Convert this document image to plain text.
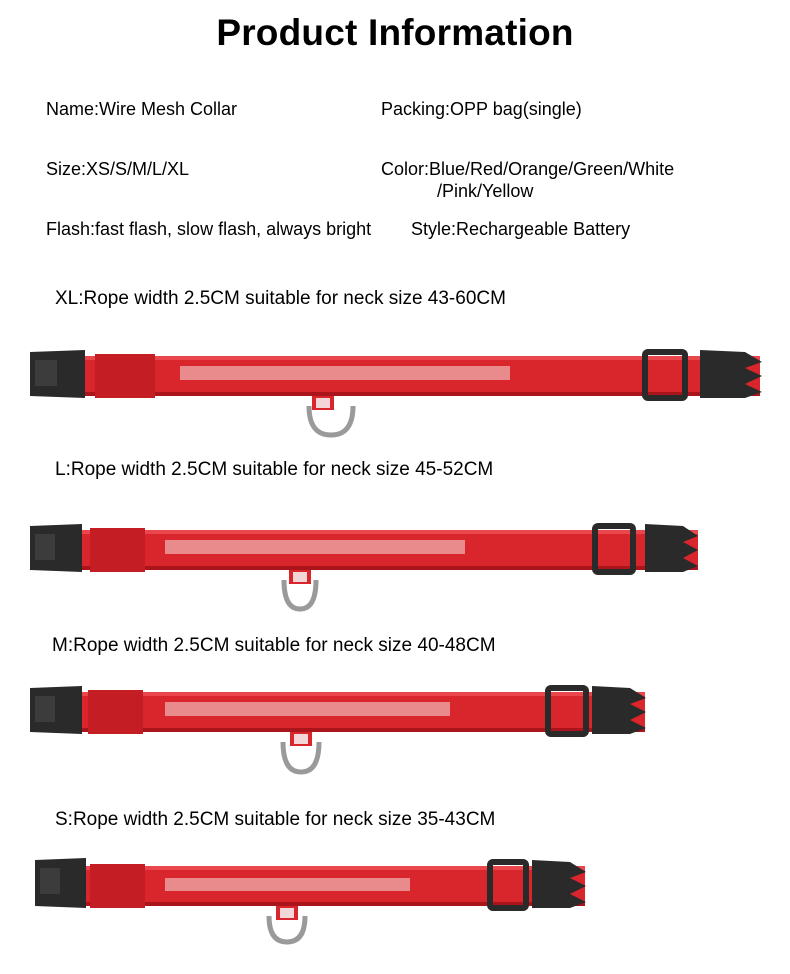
Product Information
Name:Wire Mesh Collar	Packing:OPP bag(single)
Size:XS/S/M/L/XL	Color:Blue/Red/Orange/Green/White
/Pink/Yellow
Flash:fast flash, slow flash, always bright Style:Rechargeable Battery
XL:Rope width 2.5CM suitable for neck size 43-60CM
L:Rope width 2.5CM suitable for neck size 45-52CM
M:Rope width 2.5CM suitable for neck size 40-48CM
S:Rope width 2.5CM suitable for neck size 35-43CM
